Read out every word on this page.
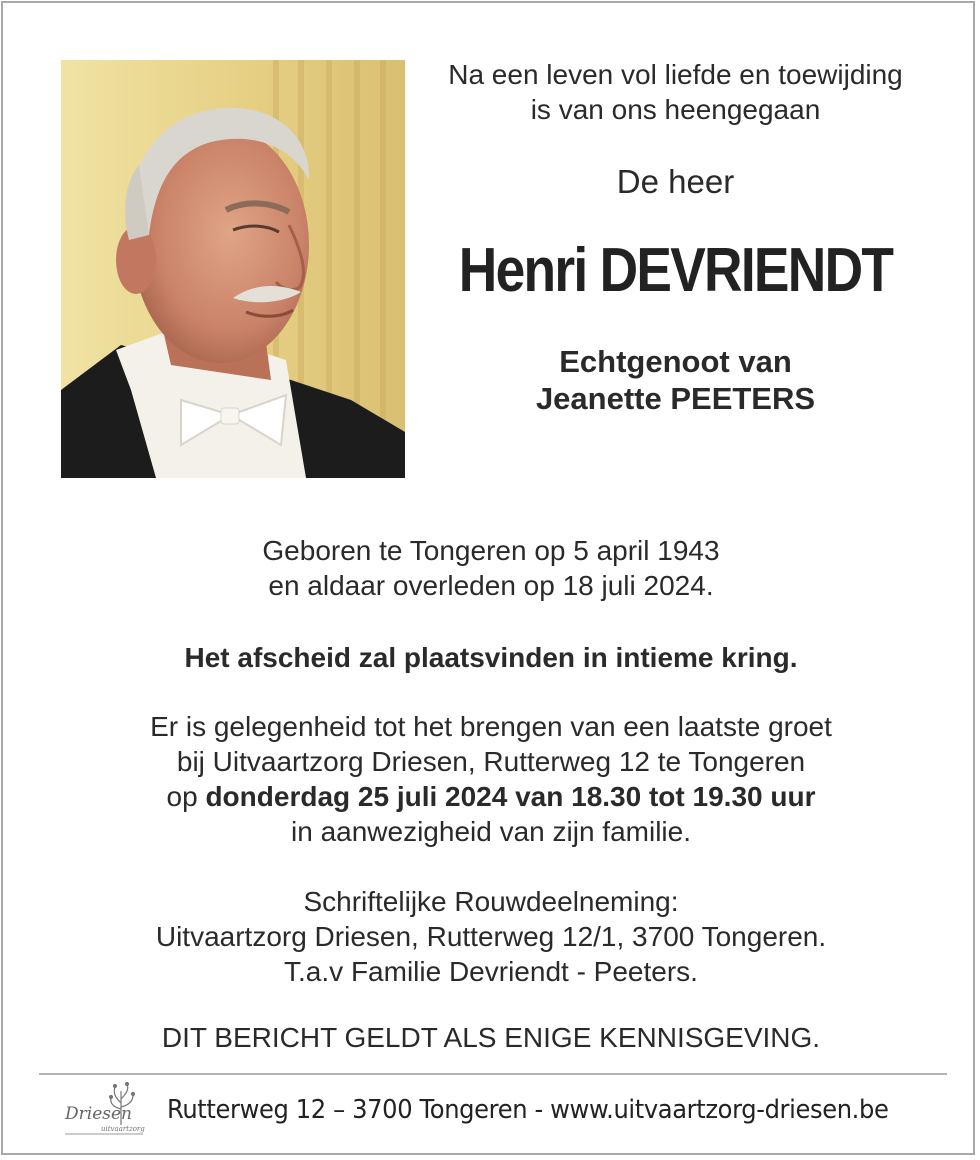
Na een leven vol liefde en toewijding
is van ons heengegaan
De heer
Henri DEVRIENDT
Echtgenoot van
Jeanette PEETERS
Geboren te Tongeren op 5 april 1943
en aldaar overleden op 18 juli 2024.
Het afscheid zal plaatsvinden in intieme kring.
Er is gelegenheid tot het brengen van een laatste groet
bij Uitvaartzorg Driesen, Rutterweg 12 te Tongeren
op donderdag 25 juli 2024 van 18.30 tot 19.30 uur
in aanwezigheid van zijn familie.
Schriftelijke Rouwdeelneming:
Uitvaartzorg Driesen, Rutterweg 12/1, 3700 Tongeren.
T.a.v Familie Devriendt - Peeters.
DIT BERICHT GELDT ALS ENIGE KENNISGEVING.
Driesen
uitvaartzorg
Rutterweg 12 – 3700 Tongeren - www.uitvaartzorg-driesen.be
